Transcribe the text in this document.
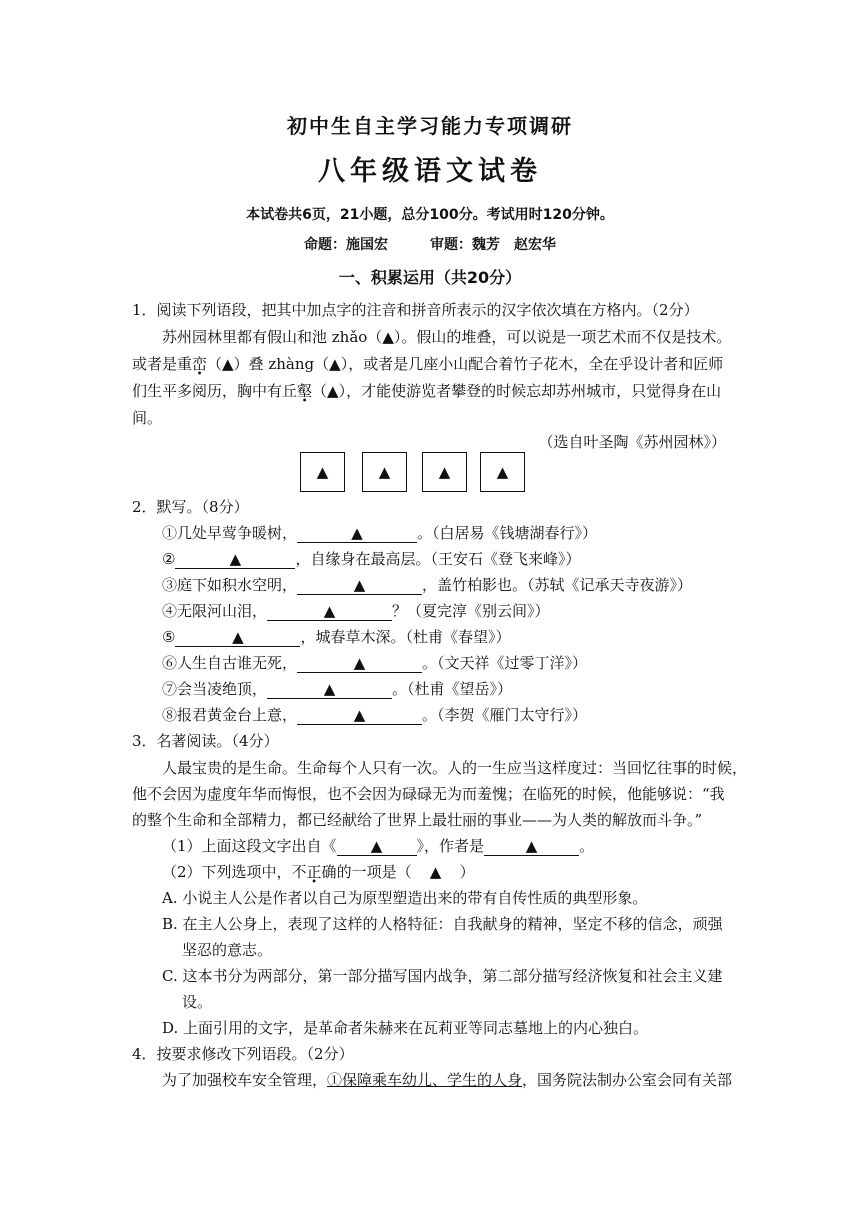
初中生自主学习能力专项调研
八年级语文试卷
本试卷共6页，21小题，总分100分。考试用时120分钟。
命题：施国宏　　　审题：魏芳　赵宏华
一、积累运用（共20分）
1．阅读下列语段，把其中加点字的注音和拼音所表示的汉字依次填在方格内。（2分）
苏州园林里都有假山和池 zhǎo（▲）。假山的堆叠，可以说是一项艺术而不仅是技术。
或者是重峦（▲）叠 zhàng（▲），或者是几座小山配合着竹子花木，全在乎设计者和匠师
们生平多阅历，胸中有丘壑（▲），才能使游览者攀登的时候忘却苏州城市，只觉得身在山
间。
（选自叶圣陶《苏州园林》）
▲	▲	▲	▲
2．默写。（8分）
①几处早莺争暖树，	▲	。（白居易《钱塘湖春行》）
②	▲	，自缘身在最高层。（王安石《登飞来峰》）
③庭下如积水空明，	▲	，盖竹柏影也。（苏轼《记承天寺夜游》）
④无限河山泪，	▲	？（夏完淳《别云间》）
⑤	▲	，城春草木深。（杜甫《春望》）
⑥人生自古谁无死，	▲	。（文天祥《过零丁洋》）
⑦会当凌绝顶，	▲	。（杜甫《望岳》）
⑧报君黄金台上意，	▲	。（李贺《雁门太守行》）
3．名著阅读。（4分）
人最宝贵的是生命。生命每个人只有一次。人的一生应当这样度过：当回忆往事的时候，
他不会因为虚度年华而悔恨，也不会因为碌碌无为而羞愧；在临死的时候，他能够说：“我
的整个生命和全部精力，都已经献给了世界上最壮丽的事业——为人类的解放而斗争。”
（1）上面这段文字出自《 ▲ 》，作者是	▲	。
（2）下列选项中，不正确的一项是（ ▲ ）
A. 小说主人公是作者以自己为原型塑造出来的带有自传性质的典型形象。
B. 在主人公身上，表现了这样的人格特征：自我献身的精神，坚定不移的信念，顽强
坚忍的意志。
C. 这本书分为两部分，第一部分描写国内战争，第二部分描写经济恢复和社会主义建
设。
D. 上面引用的文字，是革命者朱赫来在瓦莉亚等同志墓地上的内心独白。
4．按要求修改下列语段。（2分）
为了加强校车安全管理，①保障乘车幼儿、学生的人身，国务院法制办公室会同有关部
